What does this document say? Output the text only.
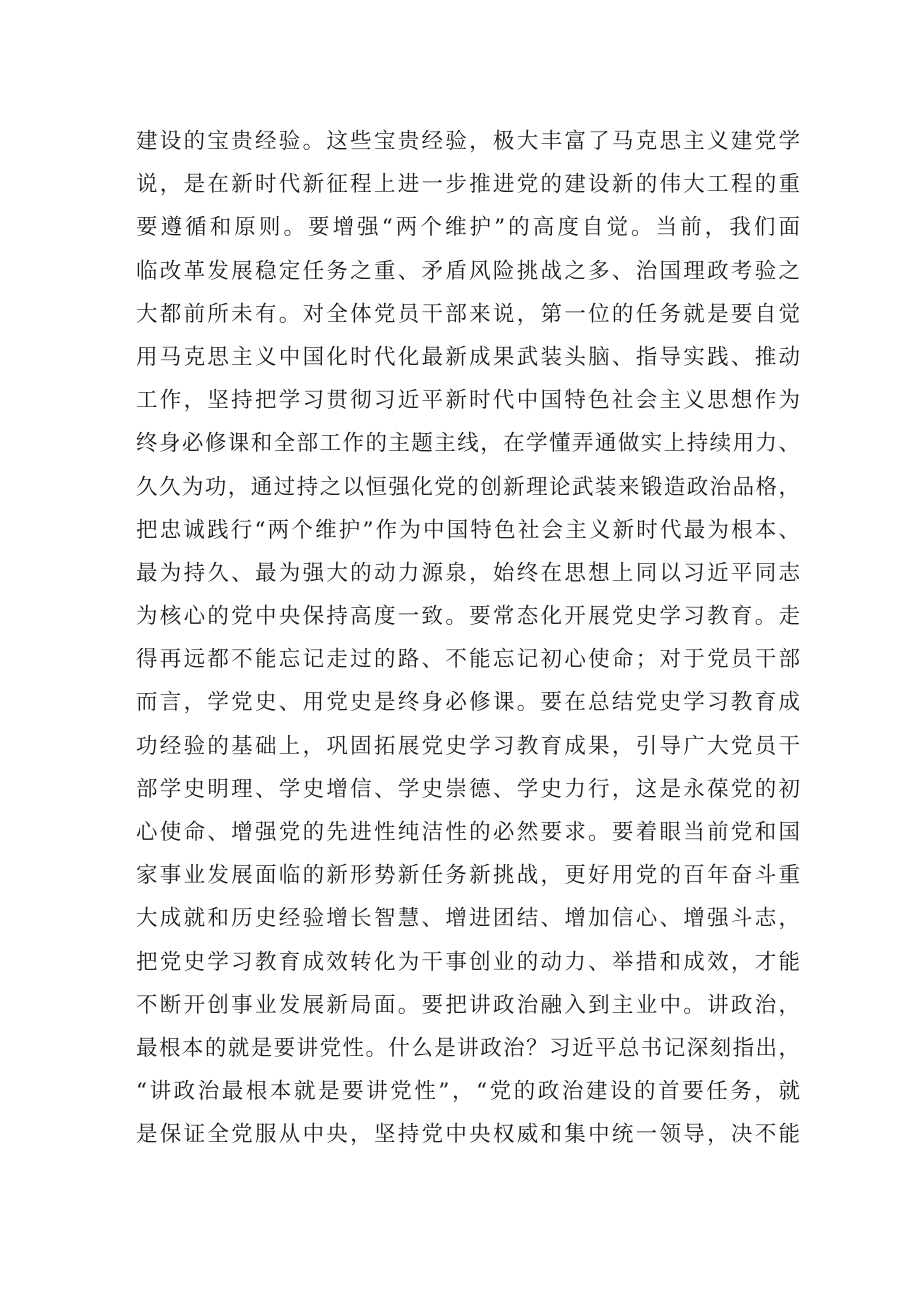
建设的宝贵经验。这些宝贵经验，极大丰富了马克思主义建党学
说，是在新时代新征程上进一步推进党的建设新的伟大工程的重
要遵循和原则。要增强“两个维护”的高度自觉。当前，我们面
临改革发展稳定任务之重、矛盾风险挑战之多、治国理政考验之
大都前所未有。对全体党员干部来说，第一位的任务就是要自觉
用马克思主义中国化时代化最新成果武装头脑、指导实践、推动
工作，坚持把学习贯彻习近平新时代中国特色社会主义思想作为
终身必修课和全部工作的主题主线，在学懂弄通做实上持续用力、
久久为功，通过持之以恒强化党的创新理论武装来锻造政治品格，
把忠诚践行“两个维护”作为中国特色社会主义新时代最为根本、
最为持久、最为强大的动力源泉，始终在思想上同以习近平同志
为核心的党中央保持高度一致。要常态化开展党史学习教育。走
得再远都不能忘记走过的路、不能忘记初心使命；对于党员干部
而言，学党史、用党史是终身必修课。要在总结党史学习教育成
功经验的基础上，巩固拓展党史学习教育成果，引导广大党员干
部学史明理、学史增信、学史崇德、学史力行，这是永葆党的初
心使命、增强党的先进性纯洁性的必然要求。要着眼当前党和国
家事业发展面临的新形势新任务新挑战，更好用党的百年奋斗重
大成就和历史经验增长智慧、增进团结、增加信心、增强斗志，
把党史学习教育成效转化为干事创业的动力、举措和成效，才能
不断开创事业发展新局面。要把讲政治融入到主业中。讲政治，
最根本的就是要讲党性。什么是讲政治？习近平总书记深刻指出，
“讲政治最根本就是要讲党性”，“党的政治建设的首要任务，就
是保证全党服从中央，坚持党中央权威和集中统一领导，决不能
